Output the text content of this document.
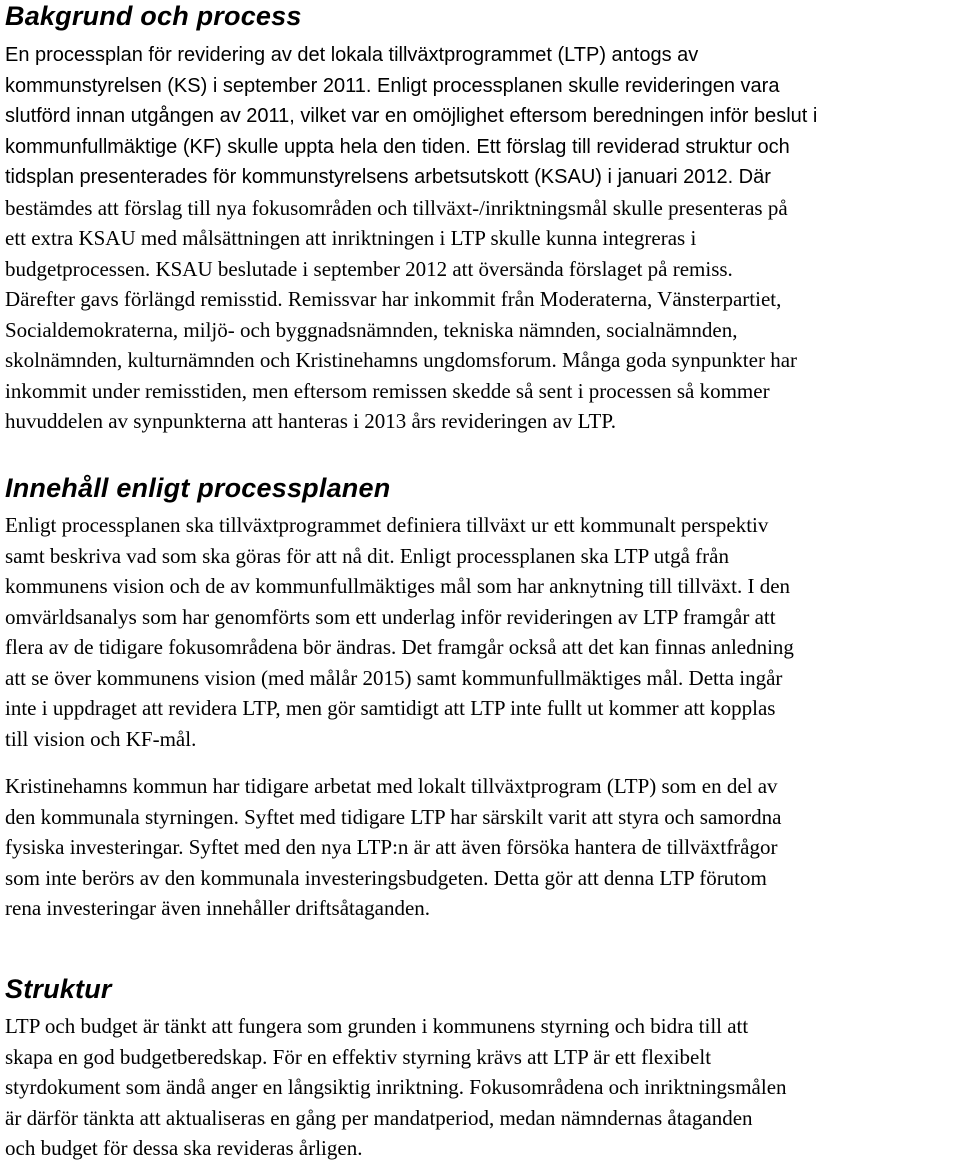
Bakgrund och process
En processplan för revidering av det lokala tillväxtprogrammet (LTP) antogs av
kommunstyrelsen (KS) i september 2011. Enligt processplanen skulle revideringen vara
slutförd innan utgången av 2011, vilket var en omöjlighet eftersom beredningen inför beslut i
kommunfullmäktige (KF) skulle uppta hela den tiden. Ett förslag till reviderad struktur och
tidsplan presenterades för kommunstyrelsens arbetsutskott (KSAU) i januari 2012. Där
bestämdes att förslag till nya fokusområden och tillväxt-/inriktningsmål skulle presenteras på
ett extra KSAU med målsättningen att inriktningen i LTP skulle kunna integreras i
budgetprocessen. KSAU beslutade i september 2012 att översända förslaget på remiss.
Därefter gavs förlängd remisstid. Remissvar har inkommit från Moderaterna, Vänsterpartiet,
Socialdemokraterna, miljö- och byggnadsnämnden, tekniska nämnden, socialnämnden,
skolnämnden, kulturnämnden och Kristinehamns ungdomsforum. Många goda synpunkter har
inkommit under remisstiden, men eftersom remissen skedde så sent i processen så kommer
huvuddelen av synpunkterna att hanteras i 2013 års revideringen av LTP.
Innehåll enligt processplanen
Enligt processplanen ska tillväxtprogrammet definiera tillväxt ur ett kommunalt perspektiv
samt beskriva vad som ska göras för att nå dit. Enligt processplanen ska LTP utgå från
kommunens vision och de av kommunfullmäktiges mål som har anknytning till tillväxt. I den
omvärldsanalys som har genomförts som ett underlag inför revideringen av LTP framgår att
flera av de tidigare fokusområdena bör ändras. Det framgår också att det kan finnas anledning
att se över kommunens vision (med målår 2015) samt kommunfullmäktiges mål. Detta ingår
inte i uppdraget att revidera LTP, men gör samtidigt att LTP inte fullt ut kommer att kopplas
till vision och KF-mål.
Kristinehamns kommun har tidigare arbetat med lokalt tillväxtprogram (LTP) som en del av
den kommunala styrningen. Syftet med tidigare LTP har särskilt varit att styra och samordna
fysiska investeringar. Syftet med den nya LTP:n är att även försöka hantera de tillväxtfrågor
som inte berörs av den kommunala investeringsbudgeten. Detta gör att denna LTP förutom
rena investeringar även innehåller driftsåtaganden.
Struktur
LTP och budget är tänkt att fungera som grunden i kommunens styrning och bidra till att
skapa en god budgetberedskap. För en effektiv styrning krävs att LTP är ett flexibelt
styrdokument som ändå anger en långsiktig inriktning. Fokusområdena och inriktningsmålen
är därför tänkta att aktualiseras en gång per mandatperiod, medan nämndernas åtaganden
och budget för dessa ska revideras årligen.
